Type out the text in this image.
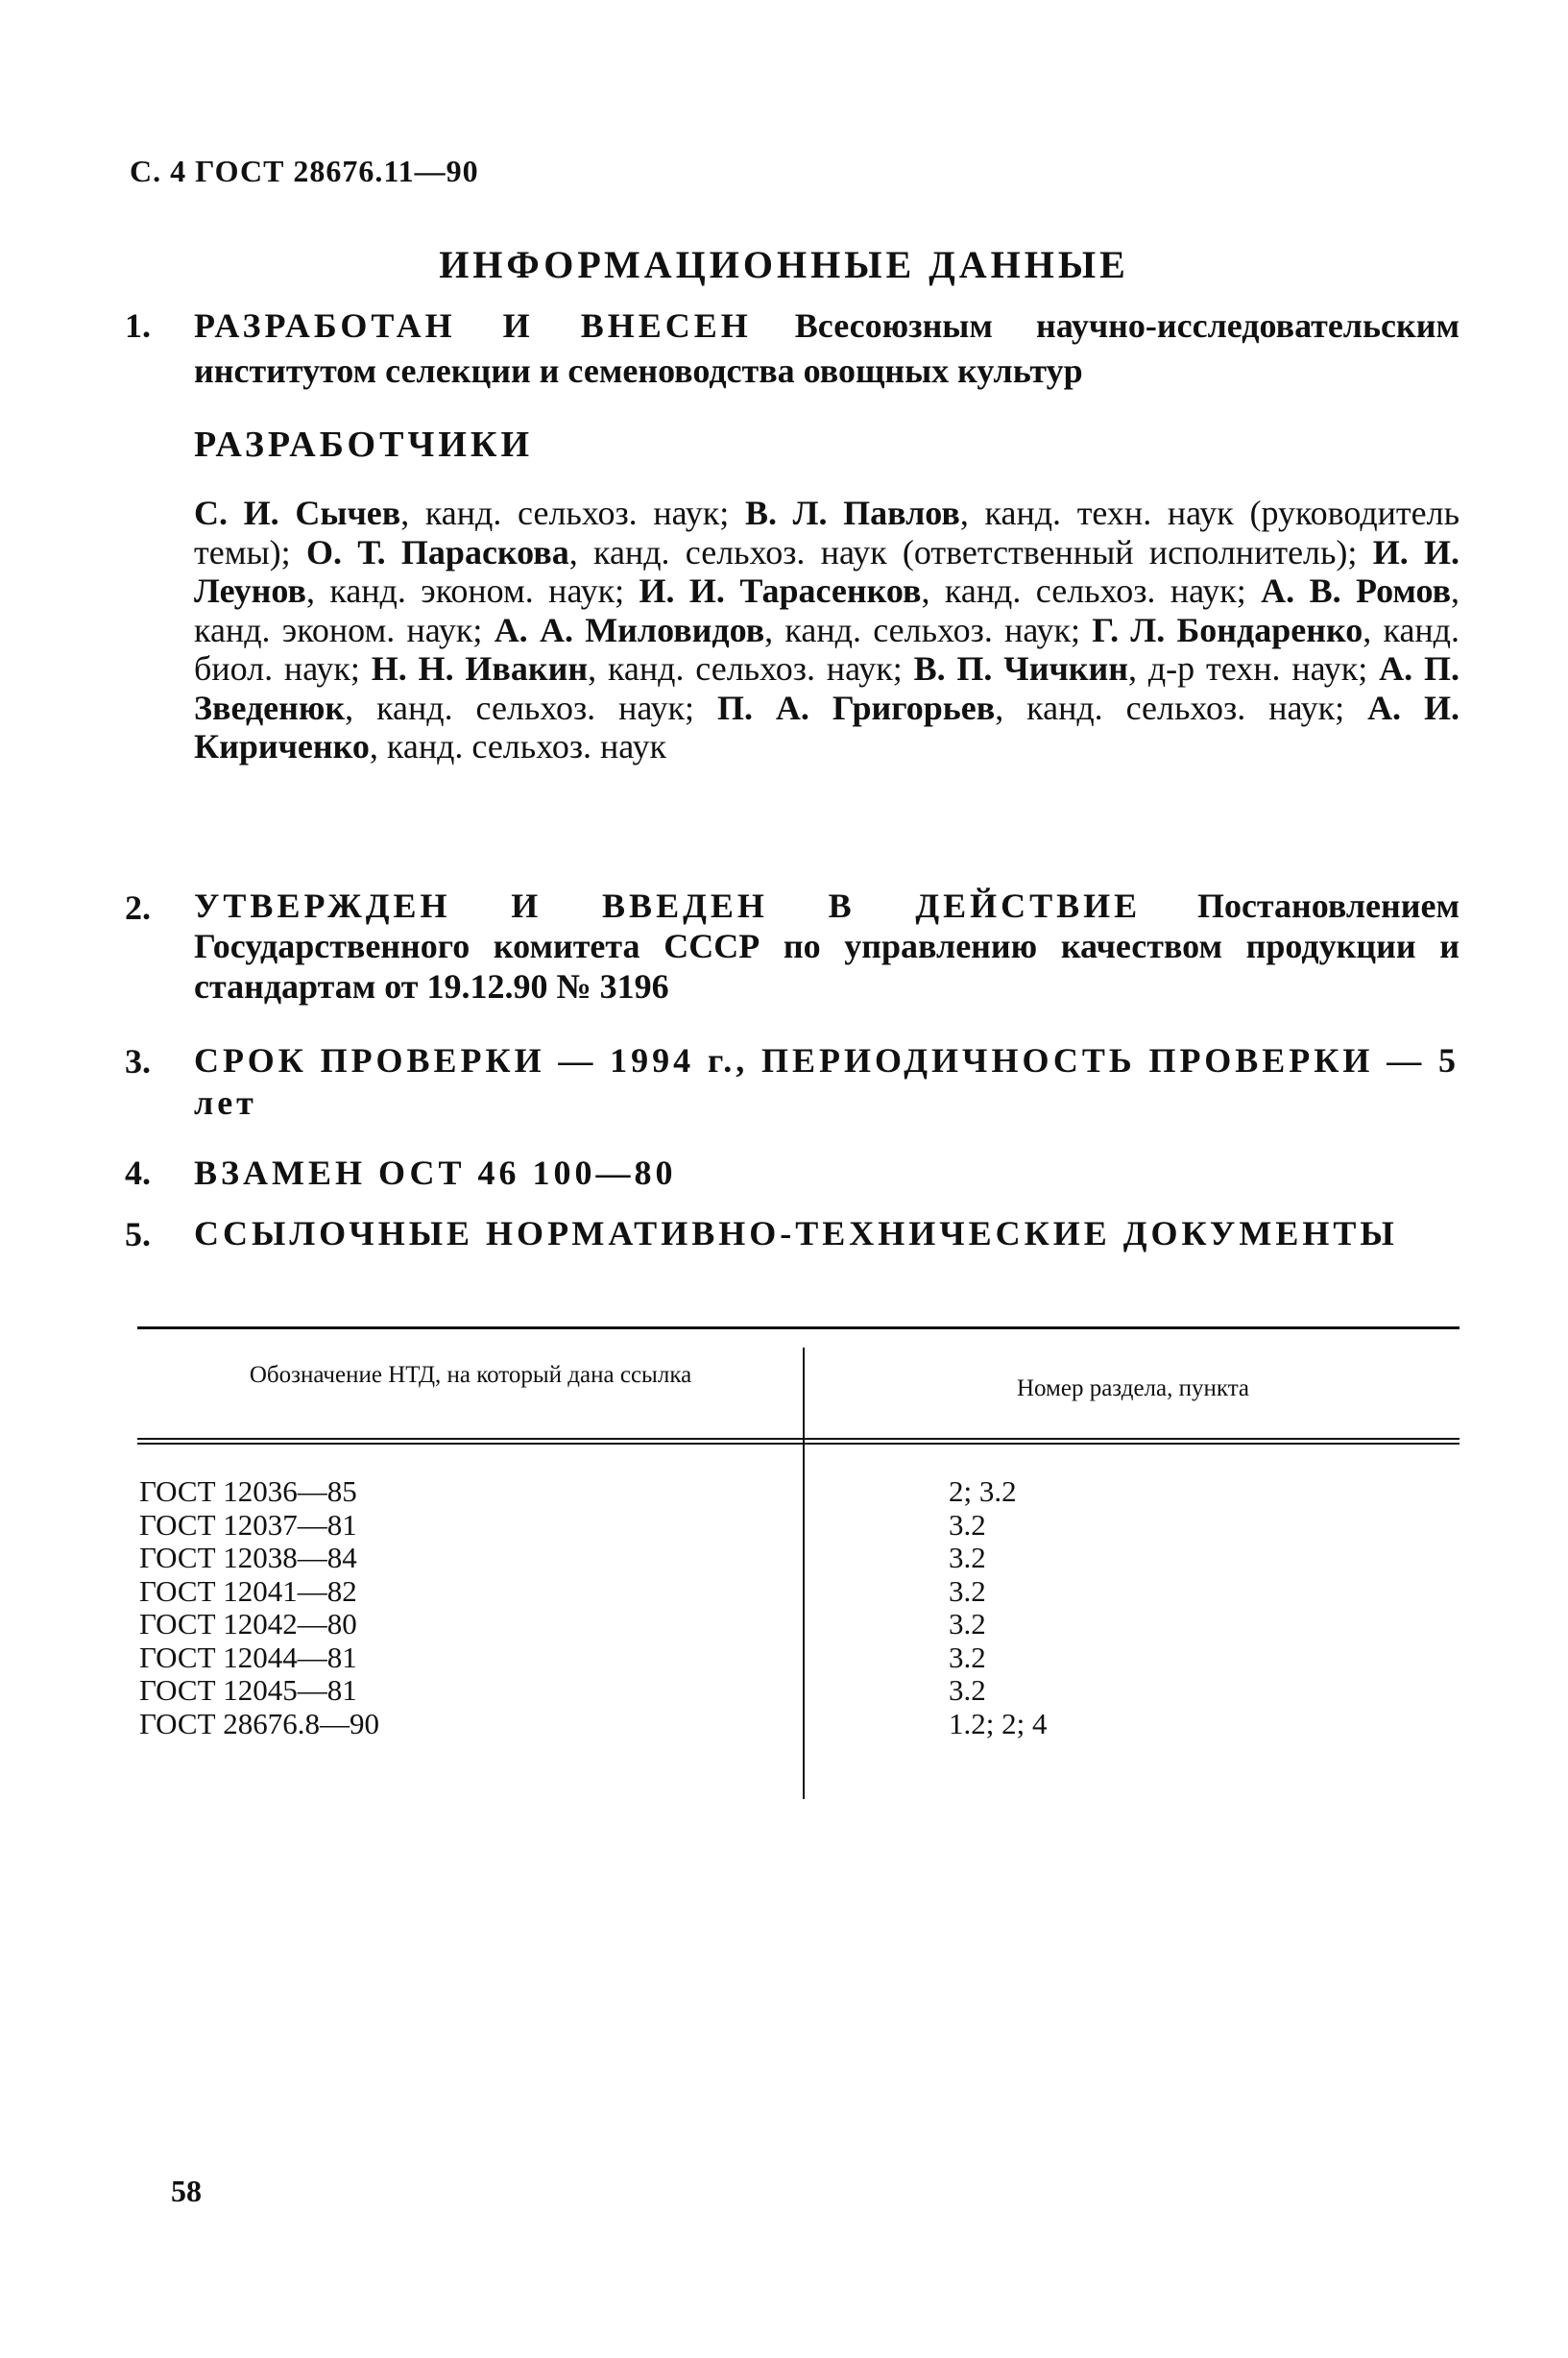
С. 4 ГОСТ 28676.11—90
ИНФОРМАЦИОННЫЕ ДАННЫЕ
1. РАЗРАБОТАН И ВНЕСЕН Всесоюзным научно-исследовательским институтом селекции и семеноводства овощных культур
РАЗРАБОТЧИКИ
С. И. Сычев, канд. сельхоз. наук; В. Л. Павлов, канд. техн. наук (руководитель темы); О. Т. Параскова, канд. сельхоз. наук (ответственный исполнитель); И. И. Леунов, канд. эконом. наук; И. И. Тарасенков, канд. сельхоз. наук; А. В. Ромов, канд. эконом. наук; А. А. Миловидов, канд. сельхоз. наук; Г. Л. Бондаренко, канд. биол. наук; Н. Н. Ивакин, канд. сельхоз. наук; В. П. Чичкин, д-р техн. наук; А. П. Зведенюк, канд. сельхоз. наук; П. А. Григорьев, канд. сельхоз. наук; А. И. Кириченко, канд. сельхоз. наук
2. УТВЕРЖДЕН И ВВЕДЕН В ДЕЙСТВИЕ Постановлением Государственного комитета СССР по управлению качеством продукции и стандартам от 19.12.90 № 3196
3. СРОК ПРОВЕРКИ — 1994 г., ПЕРИОДИЧНОСТЬ ПРОВЕРКИ — 5 лет
4. ВЗАМЕН ОСТ 46 100—80
5. ССЫЛОЧНЫЕ НОРМАТИВНО-ТЕХНИЧЕСКИЕ ДОКУМЕНТЫ
Обозначение НТД, на который дана ссылка
Номер раздела, пункта
ГОСТ 12036—85
ГОСТ 12037—81
ГОСТ 12038—84
ГОСТ 12041—82
ГОСТ 12042—80
ГОСТ 12044—81
ГОСТ 12045—81
ГОСТ 28676.8—90
2; 3.2
3.2
3.2
3.2
3.2
3.2
3.2
1.2; 2; 4
58
